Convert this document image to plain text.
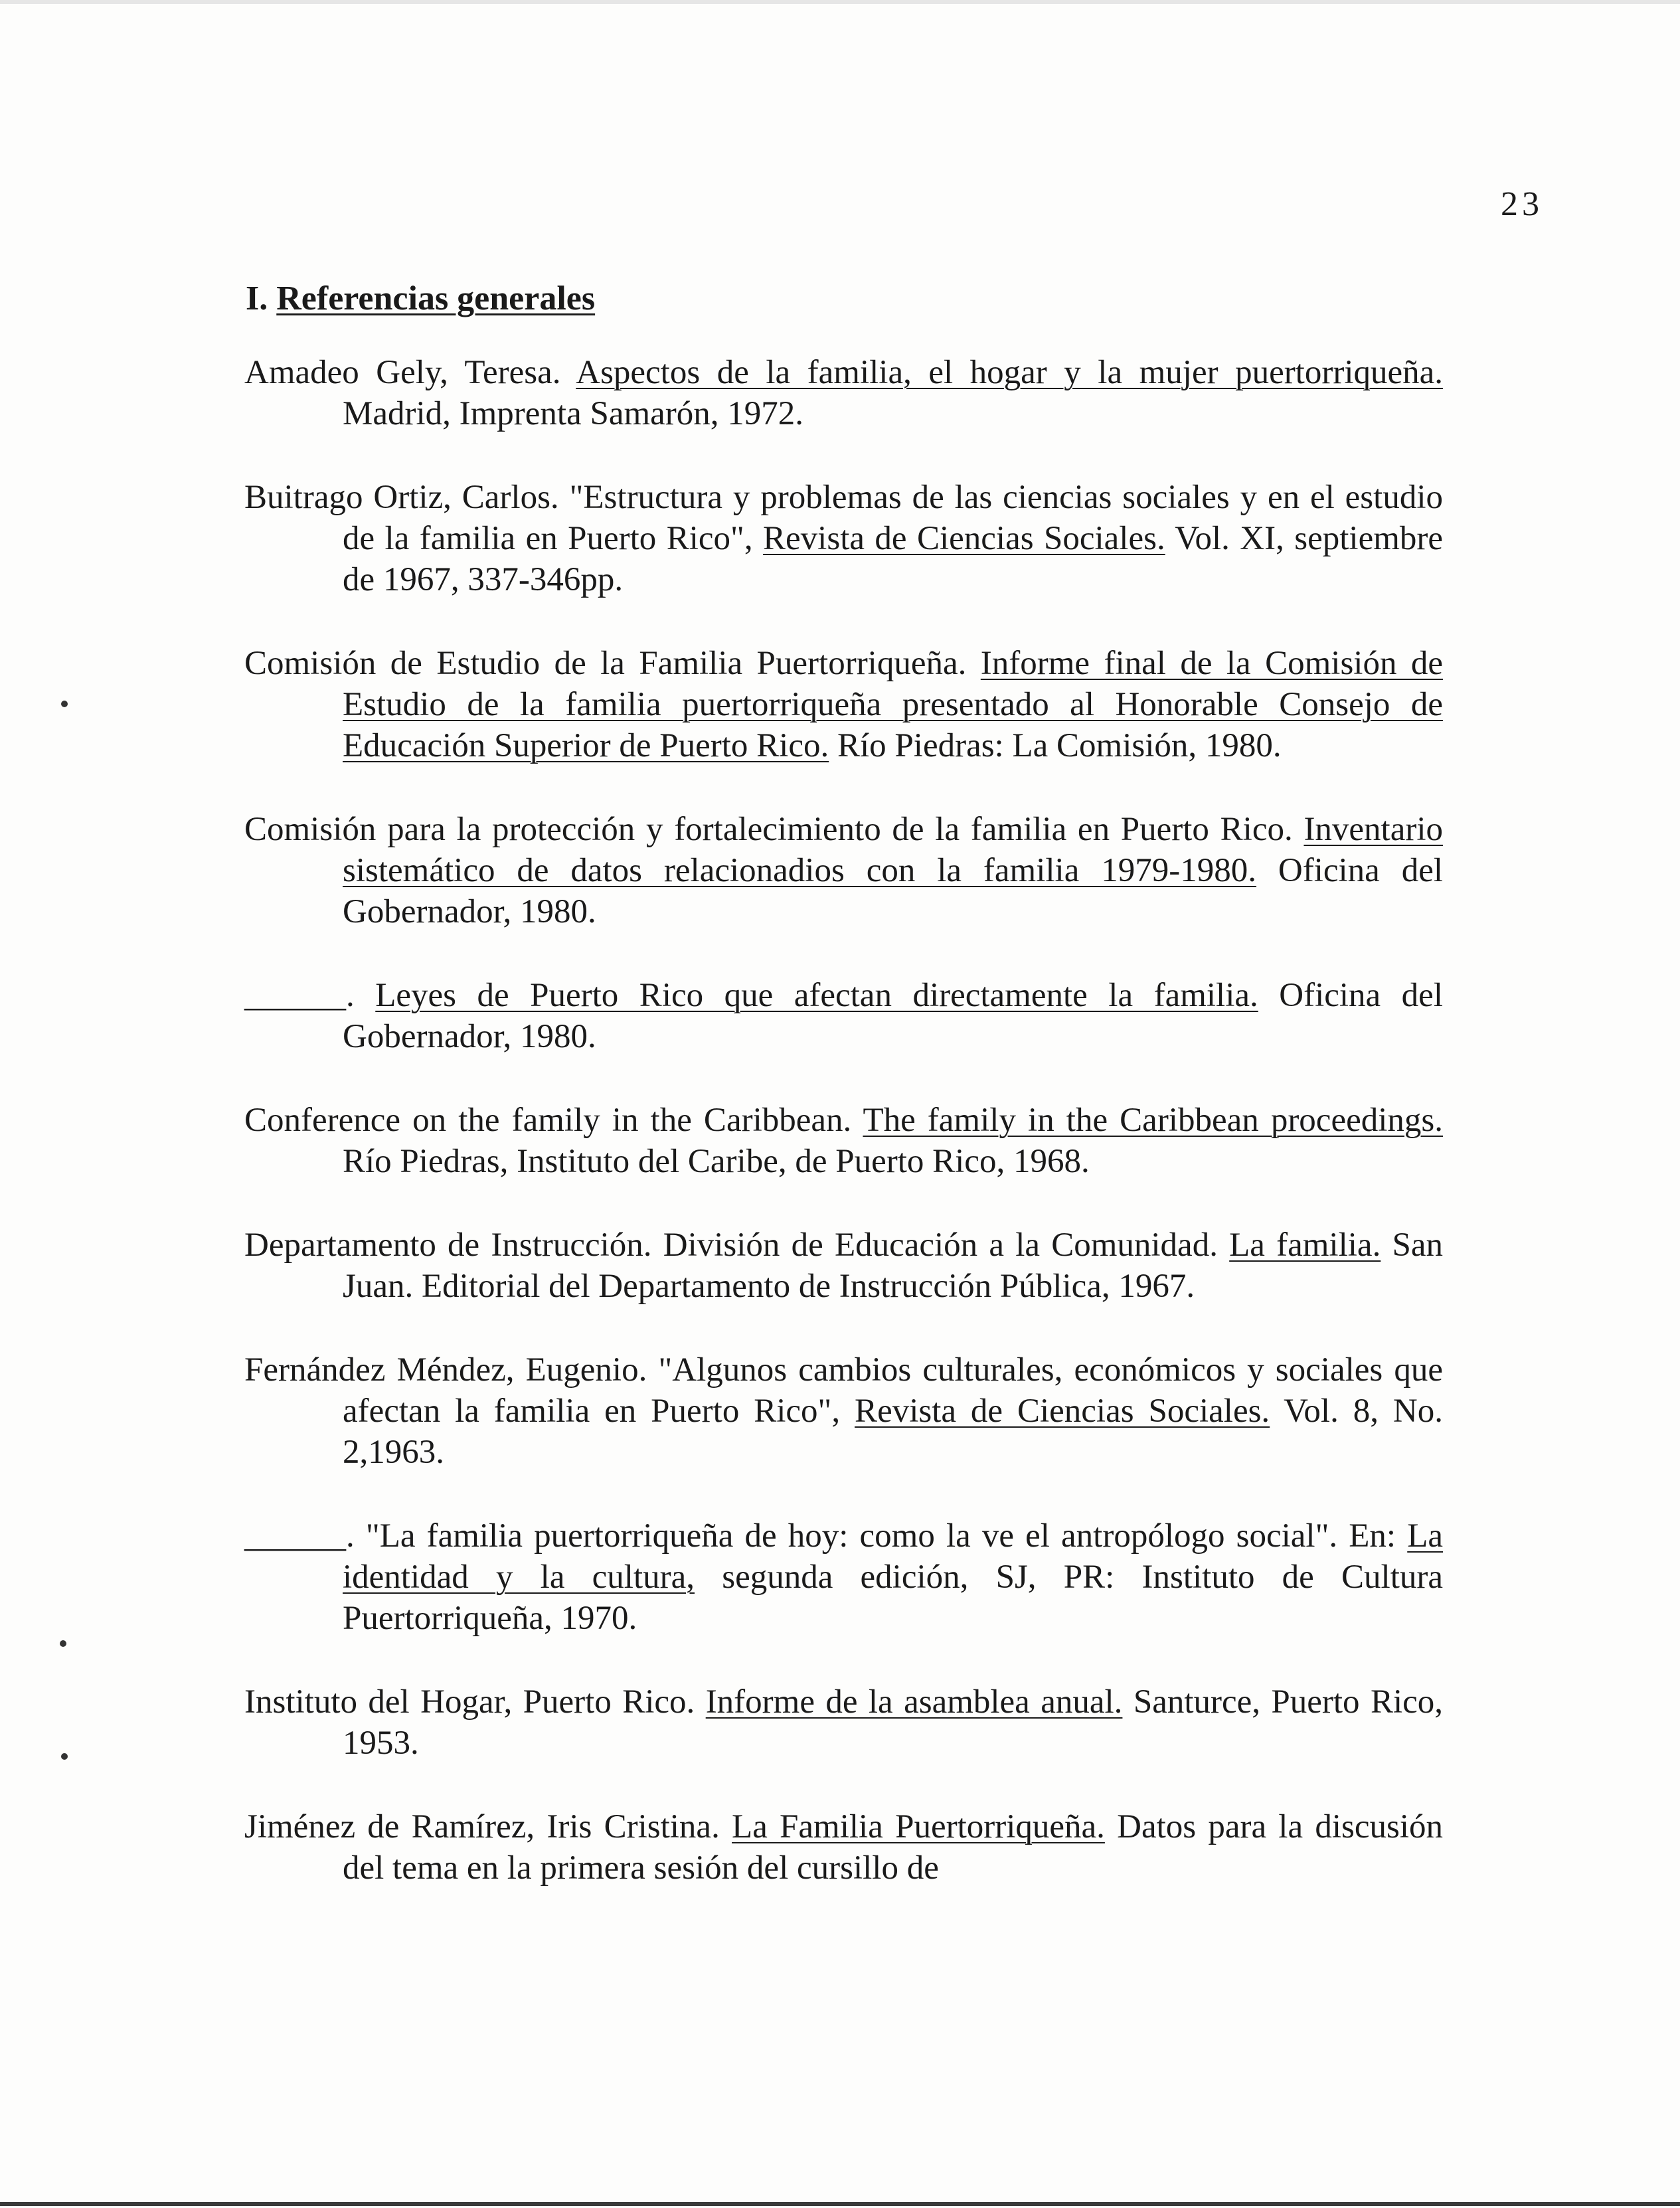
23
I. Referencias generales

Amadeo Gely, Teresa. Aspectos de la familia, el hogar y la mujer puertorriqueña. Madrid, Imprenta Samarón, 1972.

Buitrago Ortiz, Carlos. "Estructura y problemas de las ciencias sociales y en el estudio de la familia en Puerto Rico", Revista de Ciencias Sociales. Vol. XI, septiembre de 1967, 337-346pp.

Comisión de Estudio de la Familia Puertorriqueña. Informe final de la Comisión de Estudio de la familia puertorriqueña presentado al Honorable Consejo de Educación Superior de Puerto Rico. Río Piedras: La Comisión, 1980.

Comisión para la protección y fortalecimiento de la familia en Puerto Rico. Inventario sistemático de datos relacionadios con la familia 1979-1980. Oficina del Gobernador, 1980.

______. Leyes de Puerto Rico que afectan directamente la familia. Oficina del Gobernador, 1980.

Conference on the family in the Caribbean. The family in the Caribbean proceedings. Río Piedras, Instituto del Caribe, de Puerto Rico, 1968.

Departamento de Instrucción. División de Educación a la Comunidad. La familia. San Juan. Editorial del Departamento de Instrucción Pública, 1967.

Fernández Méndez, Eugenio. "Algunos cambios culturales, económicos y sociales que afectan la familia en Puerto Rico", Revista de Ciencias Sociales. Vol. 8, No. 2,1963.

______. "La familia puertorriqueña de hoy: como la ve el antropólogo social". En: La identidad y la cultura, segunda edición, SJ, PR: Instituto de Cultura Puertorriqueña, 1970.

Instituto del Hogar, Puerto Rico. Informe de la asamblea anual. Santurce, Puerto Rico, 1953.

Jiménez de Ramírez, Iris Cristina. La Familia Puertorriqueña. Datos para la discusión del tema en la primera sesión del cursillo de
